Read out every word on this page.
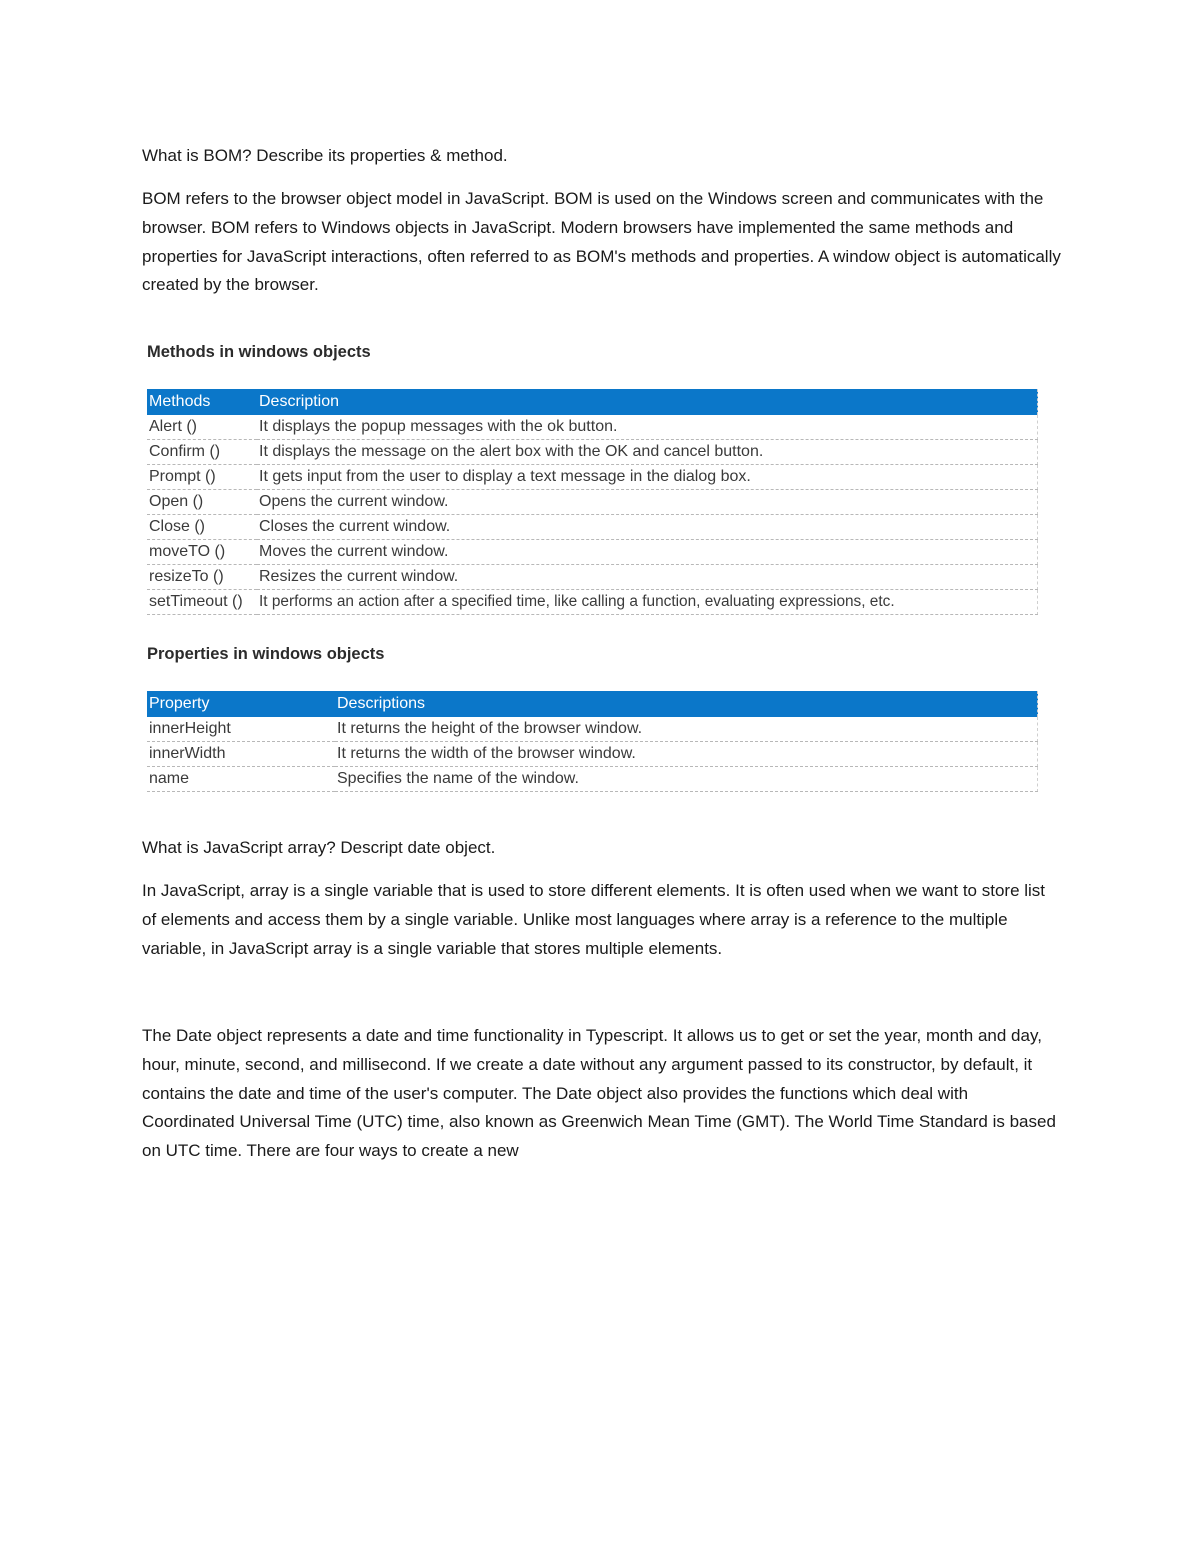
What is BOM? Describe its properties & method.

BOM refers to the browser object model in JavaScript. BOM is used on the Windows screen and communicates with the browser. BOM refers to Windows objects in JavaScript. Modern browsers have implemented the same methods and properties for JavaScript interactions, often referred to as BOM's methods and properties. A window object is automatically created by the browser.

Methods in windows objects

Methods	Description
Alert ()	It displays the popup messages with the ok button.
Confirm ()	It displays the message on the alert box with the OK and cancel button.
Prompt ()	It gets input from the user to display a text message in the dialog box.
Open ()	Opens the current window.
Close ()	Closes the current window.
moveTO ()	Moves the current window.
resizeTo ()	Resizes the current window.
setTimeout ()	It performs an action after a specified time, like calling a function, evaluating expressions, etc.

Properties in windows objects

Property	Descriptions
innerHeight	It returns the height of the browser window.
innerWidth	It returns the width of the browser window.
name	Specifies the name of the window.

What is JavaScript array? Descript date object.

In JavaScript, array is a single variable that is used to store different elements. It is often used when we want to store list of elements and access them by a single variable. Unlike most languages where array is a reference to the multiple variable, in JavaScript array is a single variable that stores multiple elements.

The Date object represents a date and time functionality in Typescript. It allows us to get or set the year, month and day, hour, minute, second, and millisecond. If we create a date without any argument passed to its constructor, by default, it contains the date and time of the user's computer. The Date object also provides the functions which deal with Coordinated Universal Time (UTC) time, also known as Greenwich Mean Time (GMT). The World Time Standard is based on UTC time. There are four ways to create a new
